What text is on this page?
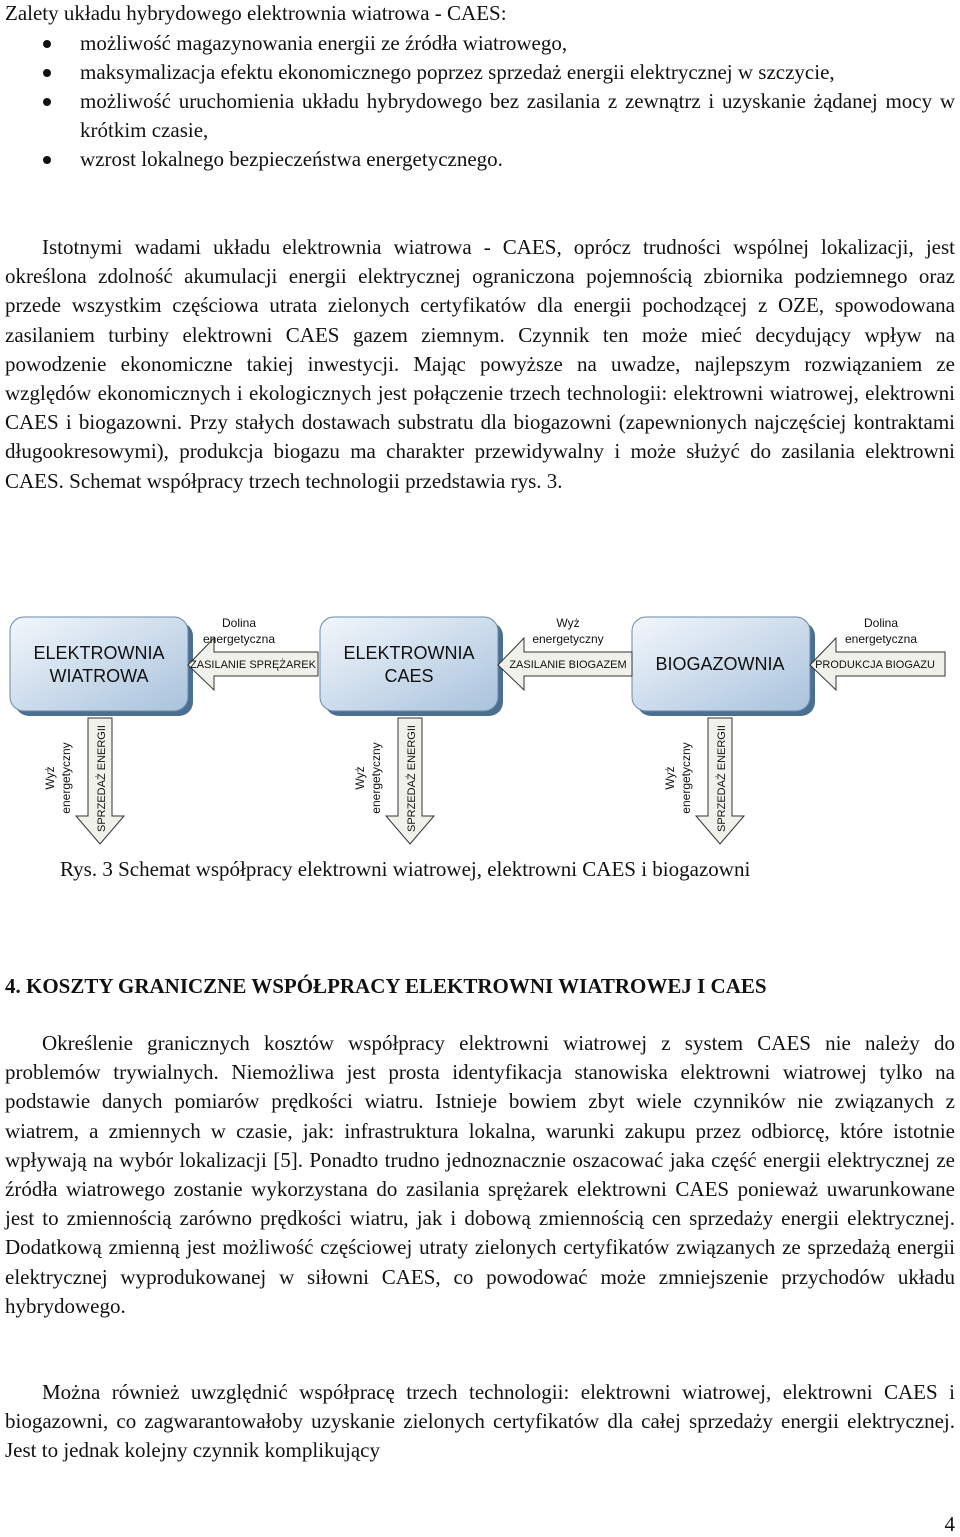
Zalety układu hybrydowego elektrownia wiatrowa - CAES:
możliwość magazynowania energii ze źródła wiatrowego,
maksymalizacja efektu ekonomicznego poprzez sprzedaż energii elektrycznej w szczycie,
możliwość uruchomienia układu hybrydowego bez zasilania z zewnątrz i uzyskanie żądanej mocy w krótkim czasie,
wzrost lokalnego bezpieczeństwa energetycznego.

Istotnymi wadami układu elektrownia wiatrowa - CAES, oprócz trudności wspólnej lokalizacji, jest określona zdolność akumulacji energii elektrycznej ograniczona pojemnością zbiornika podziemnego oraz przede wszystkim częściowa utrata zielonych certyfikatów dla energii pochodzącej z OZE, spowodowana zasilaniem turbiny elektrowni CAES gazem ziemnym. Czynnik ten może mieć decydujący wpływ na powodzenie ekonomiczne takiej inwestycji. Mając powyższe na uwadze, najlepszym rozwiązaniem ze względów ekonomicznych i ekologicznych jest połączenie trzech technologii: elektrowni wiatrowej, elektrowni CAES i biogazowni. Przy stałych dostawach substratu dla biogazowni (zapewnionych najczęściej kontraktami długookresowymi), produkcja biogazu ma charakter przewidywalny i może służyć do zasilania elektrowni CAES. Schemat współpracy trzech technologii przedstawia rys. 3.

ELEKTROWNIA
WIATROWA
ELEKTROWNIA
CAES
BIOGAZOWNIA
Dolina
energetyczna
ZASILANIE SPRĘŻAREK
Wyż
energetyczny
ZASILANIE BIOGAZEM
Dolina
energetyczna
PRODUKCJA BIOGAZU
SPRZEDAŻ ENERGII
Wyż energetyczny	SPRZEDAŻ ENERGII
Wyż energetyczny	SPRZEDAŻ ENERGII
Wyż energetyczny
Rys. 3 Schemat współpracy elektrowni wiatrowej, elektrowni CAES i biogazowni
4. KOSZTY GRANICZNE WSPÓŁPRACY ELEKTROWNI WIATROWEJ I CAES

Określenie granicznych kosztów współpracy elektrowni wiatrowej z system CAES nie należy do problemów trywialnych. Niemożliwa jest prosta identyfikacja stanowiska elektrowni wiatrowej tylko na podstawie danych pomiarów prędkości wiatru. Istnieje bowiem zbyt wiele czynników nie związanych z wiatrem, a zmiennych w czasie, jak: infrastruktura lokalna, warunki zakupu przez odbiorcę, które istotnie wpływają na wybór lokalizacji [5]. Ponadto trudno jednoznacznie oszacować jaka część energii elektrycznej ze źródła wiatrowego zostanie wykorzystana do zasilania sprężarek elektrowni CAES ponieważ uwarunkowane jest to zmiennością zarówno prędkości wiatru, jak i dobową zmiennością cen sprzedaży energii elektrycznej. Dodatkową zmienną jest możliwość częściowej utraty zielonych certyfikatów związanych ze sprzedażą energii elektrycznej wyprodukowanej w siłowni CAES, co powodować może zmniejszenie przychodów układu hybrydowego.

Można również uwzględnić współpracę trzech technologii: elektrowni wiatrowej, elektrowni CAES i biogazowni, co zagwarantowałoby uzyskanie zielonych certyfikatów dla całej sprzedaży energii elektrycznej. Jest to jednak kolejny czynnik komplikujący

4
